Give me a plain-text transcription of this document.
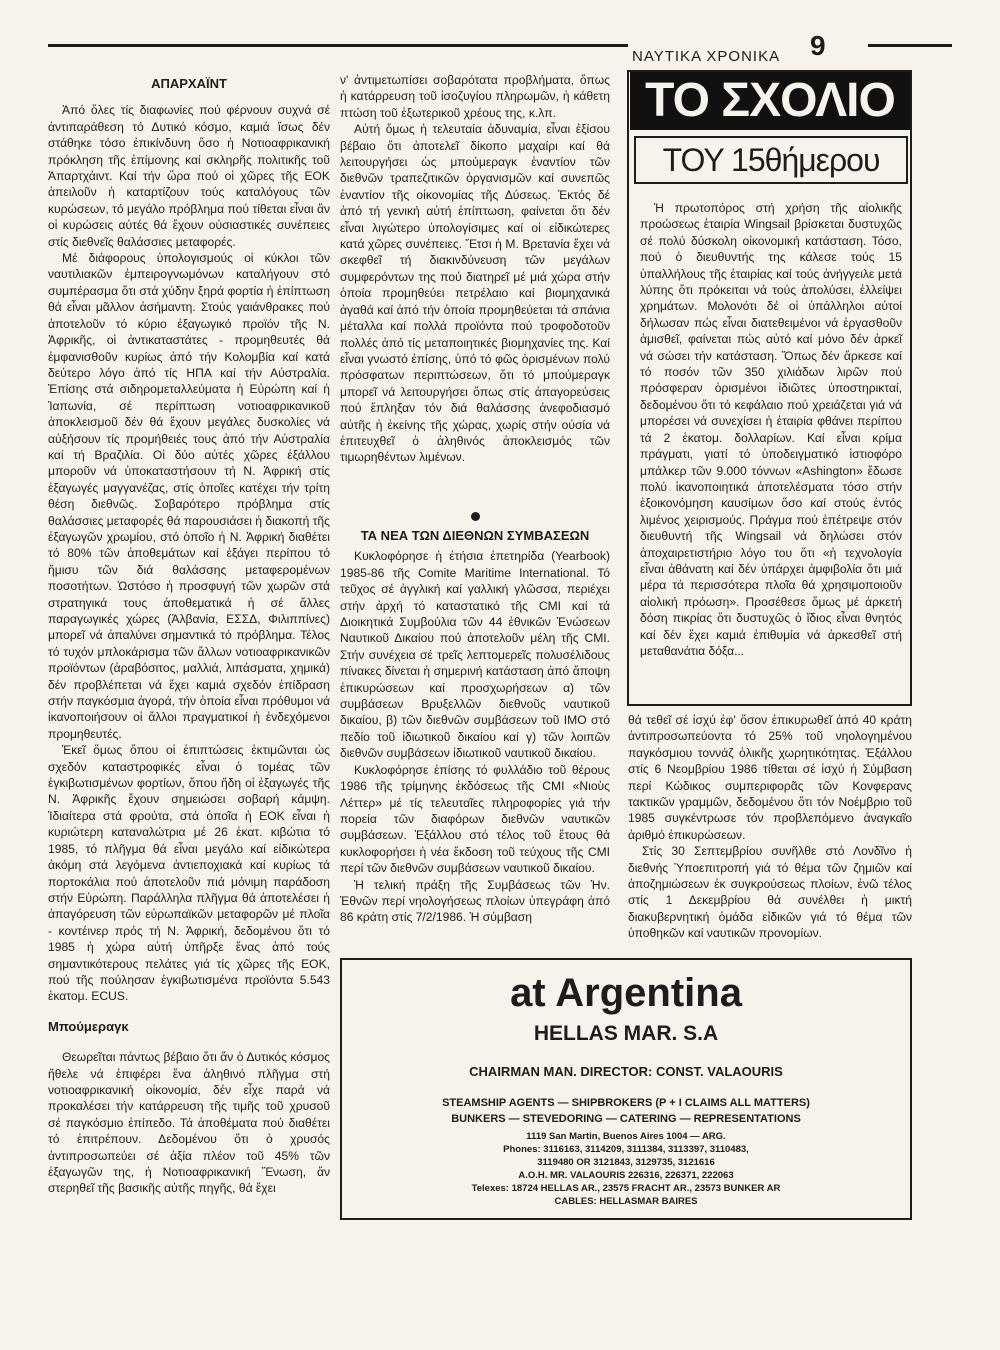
ΝΑΥΤΙΚΑ ΧΡΟΝΙΚΑ 9
ΑΠΑΡΧΑΪΝΤ

Ἀπό ὅλες τίς διαφωνίες πού φέρνουν συχνά σέ ἀντιπαράθεση τό Δυτικό κόσμο, καμιά ἴσως δέν στάθηκε τόσο ἐπικίνδυνη ὅσο ἡ Νοτιοαφρικανική πρόκληση τῆς ἐπίμονης καί σκληρῆς πολιτικῆς τοῦ Ἀπαρτχάιντ. Καί τήν ὥρα πού οἱ χῶρες τῆς ΕΟΚ ἀπειλοῦν ἡ καταρτίζουν τούς καταλόγους τῶν κυρώσεων, τό μεγάλο πρόβλημα πού τίθεται εἶναι ἄν οἱ κυρώσεις αὐτές θά ἔχουν οὐσιαστικές συνέπειες στίς διεθνεῖς θαλάσσιες μεταφορές.

Μέ διάφορους ὑπολογισμούς οἱ κύκλοι τῶν ναυτιλιακῶν ἐμπειρογνωμόνων καταλήγουν στό συμπέρασμα ὅτι στά χύδην ξηρά φορτία ἡ ἐπίπτωση θά εἶναι μᾶλλον ἀσήμαντη. Στούς γαιάνθρακες πού ἀποτελοῦν τό κύριο ἐξαγωγικό προϊόν τῆς Ν. Ἀφρικῆς, οἱ ἀντικαταστάτες - προμηθευτές θά ἐμφανισθοῦν κυρίως ἀπό τήν Κολομβία καί κατά δεύτερο λόγο ἀπό τίς ΗΠΑ καί τήν Αὐστραλία. Ἐπίσης στά σιδηρομεταλλεύματα ἡ Εὐρώπη καί ἡ Ἰαπωνία, σέ περίπτωση νοτιοαφρικανικοῦ ἀποκλεισμοῦ δέν θά ἔχουν μεγάλες δυσκολίες νά αὐξήσουν τίς προμήθειές τους ἀπό τήν Αὐστραλία καί τή Βραζιλία. Οἱ δύο αὐτές χῶρες ἐξάλλου μποροῦν νά ὑποκαταστήσουν τή Ν. Ἀφρική στίς ἐξαγωγές μαγγανέζας, στίς ὁποῖες κατέχει τήν τρίτη θέση διεθνῶς. Σοβαρότερο πρόβλημα στίς θαλάσσιες μεταφορές θά παρουσιάσει ἡ διακοπή τῆς ἐξαγωγῶν χρωμίου, στό ὁποῖο ἡ Ν. Ἀφρική διαθέτει τό 80% τῶν ἀποθεμάτων καί ἐξάγει περίπου τό ἥμισυ τῶν διά θαλάσσης μεταφερομένων ποσοτήτων. Ὡστόσο ἡ προσφυγή τῶν χωρῶν στά στρατηγικά τους ἀποθεματικά ἡ σέ ἄλλες παραγωγικές χώρες (Ἀλβανία, ΕΣΣΔ, Φιλιππίνες) μπορεῖ νά ἀπαλύνει σημαντικά τό πρόβλημα. Τέλος τό τυχόν μπλοκάρισμα τῶν ἄλλων νοτιοαφρικανικῶν προϊόντων (ἀραβόσιτος, μαλλιά, λιπάσματα, χημικά) δέν προβλέπεται νά ἔχει καμιά σχεδόν ἐπίδραση στήν παγκόσμια ἀγορά, τήν ὁποία εἶναι πρόθυμοι νά ἱκανοποιήσουν οἱ ἄλλοι πραγματικοί ἡ ἐνδεχόμενοι προμηθευτές.

Ἐκεῖ ὅμως ὅπου οἱ ἐπιπτώσεις ἐκτιμῶνται ὡς σχεδόν καταστροφικές εἶναι ὁ τομέας τῶν ἐγκιβωτισμένων φορτίων, ὅπου ἤδη οἱ ἐξαγωγές τῆς Ν. Ἀφρικῆς ἔχουν σημειώσει σοβαρή κάμψη. Ἰδιαίτερα στά φρούτα, στά ὁποῖα ἡ ΕΟΚ εἶναι ἡ κυριώτερη καταναλώτρια μέ 26 ἑκατ. κιβώτια τό 1985, τό πλῆγμα θά εἶναι μεγάλο καί εἰδικώτερα ἀκόμη στά λεγόμενα ἀντιεποχιακά καί κυρίως τά πορτοκάλια πού ἀποτελοῦν πιά μόνιμη παράδοση στήν Εὐρώπη. Παράλληλα πλῆγμα θά ἀποτελέσει ἡ ἀπαγόρευση τῶν εὐρωπαϊκῶν μεταφορῶν μέ πλοῖα - κοντέινερ πρός τή Ν. Ἀφρική, δεδομένου ὅτι τό 1985 ἡ χώρα αὐτή ὑπῆρξε ἕνας ἀπό τούς σημαντικότερους πελάτες γιά τίς χῶρες τῆς ΕΟΚ, πού τῆς πούλησαν ἐγκιβωτισμένα προϊόντα 5.543 ἑκατομ. ECUS.

Μπούμεραγκ

Θεωρεῖται πάντως βέβαιο ὅτι ἄν ὁ Δυτικός κόσμος ἤθελε νά ἐπιφέρει ἕνα ἀληθινό πλῆγμα στή νοτιοαφρικανική οἰκονομία, δέν εἶχε παρά νά προκαλέσει τήν κατάρρευση τῆς τιμῆς τοῦ χρυσοῦ σέ παγκόσμιο ἐπίπεδο. Τά ἀποθέματα πού διαθέτει τό ἐπιτρέπουν. Δεδομένου ὅτι ὁ χρυσός ἀντιπροσωπεύει σέ ἀξία πλέον τοῦ 45% τῶν ἐξαγωγῶν της, ἡ Νοτιοαφρικανική Ἕνωση, ἄν στερηθεῖ τῆς βασικῆς αὐτῆς πηγῆς, θά ἔχει

ν' ἀντιμετωπίσει σοβαρότατα προβλήματα, ὅπως ἡ κατάρρευση τοῦ ἰσοζυγίου πληρωμῶν, ἡ κάθετη πτώση τοῦ ἐξωτερικοῦ χρέους της, κ.λπ.

Αὐτή ὅμως ἡ τελευταία ἀδυναμία, εἶναι ἐξίσου βέβαιο ὅτι ἀποτελεῖ δίκοπο μαχαίρι καί θά λειτουργήσει ὡς μπούμεραγκ ἐναντίον τῶν διεθνῶν τραπεζιτικῶν ὀργανισμῶν καί συνεπῶς ἐναντίον τῆς οἰκονομίας τῆς Δύσεως. Ἐκτός δέ ἀπό τή γενική αὐτή ἐπίπτωση, φαίνεται ὅτι δέν εἶναι λιγώτερο ὑπολογίσιμες καί οἱ εἰδικώτερες κατά χῶρες συνέπειες. Ἔτσι ἡ Μ. Βρετανία ἔχει νά σκεφθεῖ τή διακινδύνευση τῶν μεγάλων συμφερόντων της πού διατηρεῖ μέ μιά χώρα στήν ὁποία προμηθεύει πετρέλαιο καί βιομηχανικά ἀγαθά καί ἀπό τήν ὁποία προμηθεύεται τά σπάνια μέταλλα καί πολλά προϊόντα πού τροφοδοτοῦν πολλές ἀπό τίς μεταποιητικές βιομηχανίες της. Καί εἶναι γνωστό ἐπίσης, ὑπό τό φῶς ὁρισμένων πολύ πρόσφατων περιπτώσεων, ὅτι τό μπούμεραγκ μπορεῖ νά λειτουργήσει ὅπως στίς ἀπαγορεύσεις πού ἔπληξαν τόν διά θαλάσσης ἀνεφοδιασμό αὐτῆς ἡ ἐκείνης τῆς χώρας, χωρίς στήν οὐσία νά ἐπιτευχθεῖ ὁ ἀληθινός ἀποκλεισμός τῶν τιμωρηθέντων λιμένων.

ΤΑ ΝΕΑ ΤΩΝ ΔΙΕΘΝΩΝ ΣΥΜΒΑΣΕΩΝ

Κυκλοφόρησε ἡ ἐτήσια ἐπετηρίδα (Yearbook) 1985-86 τῆς Comite Maritime International. Τό τεῦχος σέ ἀγγλική καί γαλλική γλῶσσα, περιέχει στήν ἀρχή τό καταστατικό τῆς CMI καί τά Διοικητικά Συμβούλια τῶν 44 ἐθνικῶν Ἑνώσεων Ναυτικοῦ Δικαίου πού ἀποτελοῦν μέλη τῆς CMI. Στήν συνέχεια σέ τρεῖς λεπτομερεῖς πολυσέλιδους πίνακες δίνεται ἡ σημερινή κατάσταση ἀπό ἄποψη ἐπικυρώσεων καί προσχωρήσεων α) τῶν συμβάσεων Βρυξελλῶν διεθνοῦς ναυτικοῦ δικαίου, β) τῶν διεθνῶν συμβάσεων τοῦ IMO στό πεδίο τοῦ ἰδιωτικοῦ δικαίου καί γ) τῶν λοιπῶν διεθνῶν συμβάσεων ἰδιωτικοῦ ναυτικοῦ δικαίου.

Κυκλοφόρησε ἐπίσης τό φυλλάδιο τοῦ θέρους 1986 τῆς τρίμηνης ἐκδόσεως τῆς CMI «Νιοὺς Λέττερ» μέ τίς τελευταῖες πληροφορίες γιά τήν πορεία τῶν διαφόρων διεθνῶν ναυτικῶν συμβάσεων. Ἐξάλλου στό τέλος τοῦ ἔτους θά κυκλοφορήσει ἡ νέα ἔκδοση τοῦ τεύχους τῆς CMI περί τῶν διεθνῶν συμβάσεων ναυτικοῦ δικαίου.

Ἡ τελική πράξη τῆς Συμβάσεως τῶν Ἡν. Ἐθνῶν περί νηολογήσεως πλοίων ὑπεγράφη ἀπό 86 κράτη στίς 7/2/1986. Ἡ σύμβαση

ΤΟ ΣΧΟΛΙΟ
ΤΟΥ 15θήμερου

Ἡ πρωτοπόρος στή χρήση τῆς αἰολικῆς προώσεως ἑταιρία Wingsail βρίσκεται δυστυχῶς σέ πολύ δύσκολη οἰκονομική κατάσταση. Τόσο, πού ὁ διευθυντής της κάλεσε τούς 15 ὑπαλλήλους τῆς ἑταιρίας καί τούς ἀνήγγειλε μετά λύπης ὅτι πρόκειται νά τούς ἀπολύσει, ἐλλείψει χρημάτων. Μολονότι δέ οἱ ὑπάλληλοι αὐτοί δήλωσαν πώς εἶναι διατεθειμένοι νά ἐργασθοῦν ἀμισθεῖ, φαίνεται πώς αὐτό καί μόνο δέν ἀρκεῖ νά σώσει τήν κατάσταση. Ὅπως δέν ἄρκεσε καί τό ποσόν τῶν 350 χιλιάδων λιρῶν πού πρόσφεραν ὁρισμένοι ἰδιῶτες ὑποστηρικταί, δεδομένου ὅτι τό κεφάλαιο πού χρειάζεται γιά νά μπορέσει νά συνεχίσει ἡ ἑταιρία φθάνει περίπου τά 2 ἑκατομ. δολλαρίων. Καί εἶναι κρίμα πράγματι, γιατί τό ὑποδειγματικό ἱστιοφόρο μπάλκερ τῶν 9.000 τόννων «Ashington» ἔδωσε πολύ ἱκανοποιητικά ἀποτελέσματα τόσο στήν ἐξοικονόμηση καυσίμων ὅσο καί στούς ἐντός λιμένος χειρισμούς. Πράγμα πού ἐπέτρεψε στόν διευθυντή τῆς Wingsail νά δηλώσει στόν ἀποχαιρετιστήριο λόγο του ὅτι «ἡ τεχνολογία εἶναι ἀθάνατη καί δέν ὑπάρχει ἀμφιβολία ὅτι μιά μέρα τά περισσότερα πλοῖα θά χρησιμοποιοῦν αἰολική πρόωση». Προσέθεσε ὅμως μέ ἀρκετή δόση πικρίας ὅτι δυστυχῶς ὁ ἴδιος εἶναι θνητός καί δέν ἔχει καμιά ἐπιθυμία νά ἀρκεσθεῖ στή μεταθανάτια δόξα...

θά τεθεῖ σέ ἰσχύ ἐφ' ὅσον ἐπικυρωθεῖ ἀπό 40 κράτη ἀντιπροσωπεύοντα τό 25% τοῦ νηολογημένου παγκόσμιου τοννάζ ὁλικῆς χωρητικότητας. Ἐξάλλου στίς 6 Νεομβρίου 1986 τίθεται σέ ἰσχύ ἡ Σύμβαση περί Κώδικος συμπεριφορᾶς τῶν Κονφερανς τακτικῶν γραμμῶν, δεδομένου ὅτι τόν Νοέμβριο τοῦ 1985 συγκέντρωσε τόν προβλεπόμενο ἀναγκαῖο ἀριθμό ἐπικυρώσεων.

Στίς 30 Σεπτεμβρίου συνῆλθε στό Λονδῖνο ἡ διεθνής Ὑποεπιτροπή γιά τό θέμα τῶν ζημιῶν καί ἀποζημιώσεων ἐκ συγκρούσεως πλοίων, ἐνῶ τέλος στίς 1 Δεκεμβρίου θά συνέλθει ἡ μικτή διακυβερνητική ὁμάδα εἰδικῶν γιά τό θέμα τῶν ὑποθηκῶν καί ναυτικῶν προνομίων.

at Argentina
HELLAS MAR. S.A
CHAIRMAN MAN. DIRECTOR: CONST. VALAOURIS
STEAMSHIP AGENTS — SHIPBROKERS (P + I CLAIMS ALL MATTERS)
BUNKERS — STEVEDORING — CATERING — REPRESENTATIONS
1119 San Martin, Buenos Aires 1004 — ARG.
Phones: 3116163, 3114209, 3111384, 3113397, 3110483,
3119480 OR 3121843, 3129735, 3121616
A.O.H. MR. VALAOURIS 226316, 226371, 222063
Telexes: 18724 HELLAS AR., 23575 FRACHT AR., 23573 BUNKER AR
CABLES: HELLASMAR BAIRES
